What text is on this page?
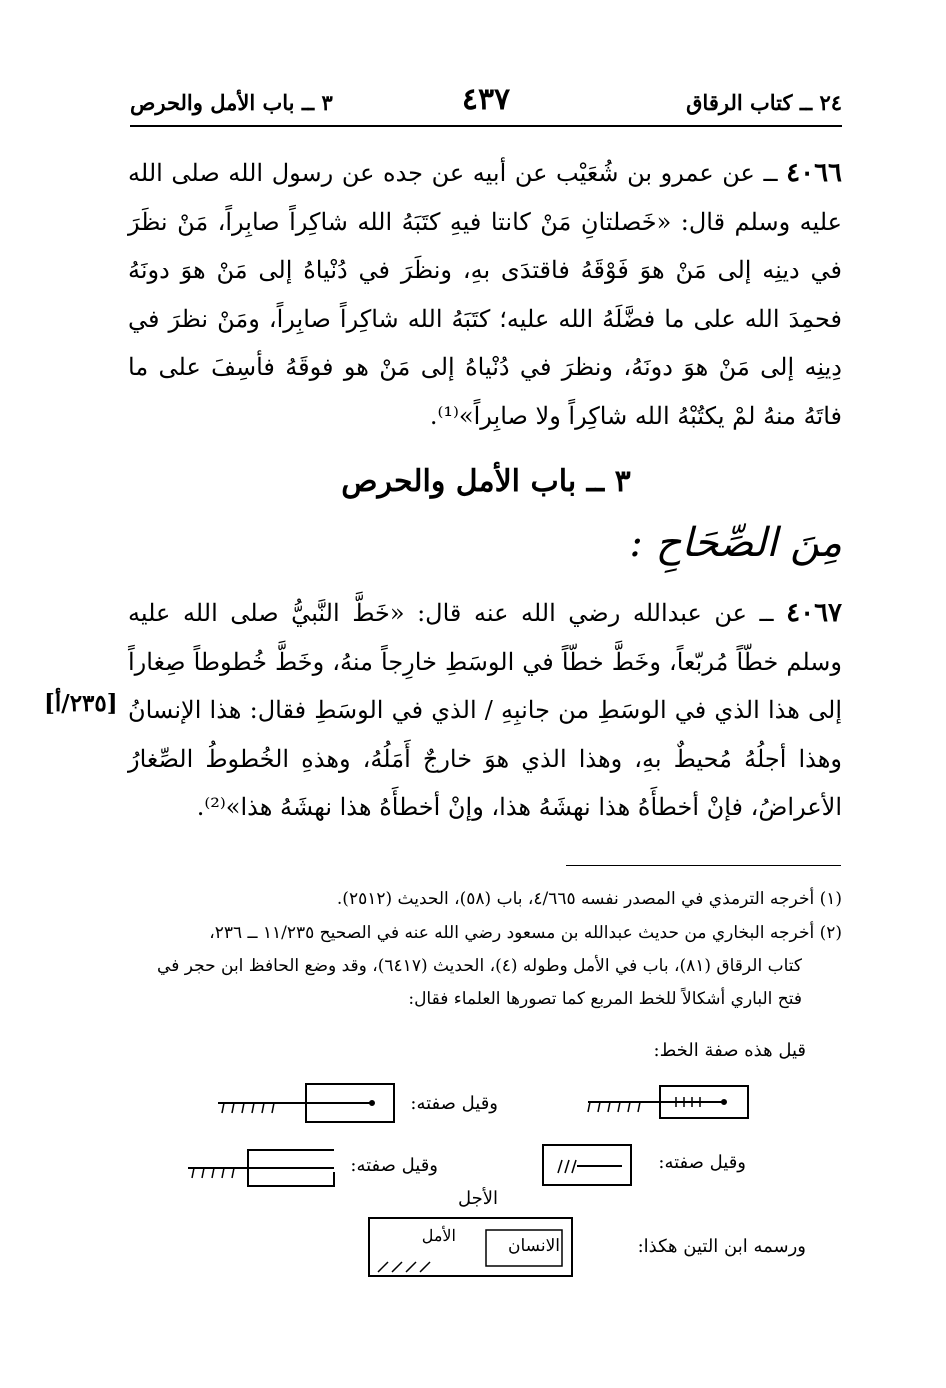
٢٤ ــ كتاب الرقاق
٤٣٧
٣ ــ باب الأمل والحرص
٤٠٦٦ ــ عن عمرو بن شُعَيْب عن أبيه عن جده عن رسول الله صلى الله عليه وسلم قال: «خَصلتانِ مَنْ كانتا فيهِ كتَبَهُ الله شاكِراً صابِراً، مَنْ نظَرَ في دينِه إلى مَنْ هوَ فَوْقَهُ فاقتدَى بهِ، ونظَرَ في دُنْياهُ إلى مَنْ هوَ دونَهُ فحمِدَ الله على ما فضَّلَهُ الله عليه؛ كتَبَهُ الله شاكِراً صابِراً، ومَنْ نظرَ في دِينِه إلى مَنْ هوَ دونَهُ، ونظرَ في دُنْياهُ إلى مَنْ هو فوقَهُ فأسِفَ على ما فاتَهُ منهُ لمْ يكتُبْهُ الله شاكِراً ولا صابِراً»⁽¹⁾.
٣ ــ باب الأمل والحرص
مِنَ الصِّحَاحِ :
٤٠٦٧ ــ عن عبدالله رضي الله عنه قال: «خَطَّ النَّبيُّ صلى الله عليه وسلم خطّاً مُربّعاً، وخَطَّ خطّاً في الوسَطِ خارِجاً منهُ، وخَطَّ خُطوطاً صِغاراً إلى هذا الذي في الوسَطِ من جانبِهِ / الذي في الوسَطِ فقال: هذا الإنسانُ وهذا أجلُهُ مُحيطٌ بهِ، وهذا الذي هوَ خارجٌ أَمَلُهُ، وهذهِ الخُطوطُ الصِّغارُ الأعراضُ، فإنْ أخطأَهُ هذا نهشَهُ هذا، وإنْ أخطأَهُ هذا نهشَهُ هذا»⁽²⁾.
[٢٣٥/أ]
(١) أخرجه الترمذي في المصدر نفسه ٤/٦٦٥، باب (٥٨)، الحديث (٢٥١٢).
(٢) أخرجه البخاري من حديث عبدالله بن مسعود رضي الله عنه في الصحيح ١١/٢٣٥ ــ ٢٣٦،
كتاب الرقاق (٨١)، باب في الأمل وطوله (٤)، الحديث (٦٤١٧)، وقد وضع الحافظ ابن حجر في فتح الباري أشكالاً للخط المربع كما تصورها العلماء فقال:
قيل هذه صفة الخط:
وقيل صفته:
وقيل صفته:
وقيل صفته:
الأجل
ورسمه ابن التين هكذا:
الأمل
الانسان
